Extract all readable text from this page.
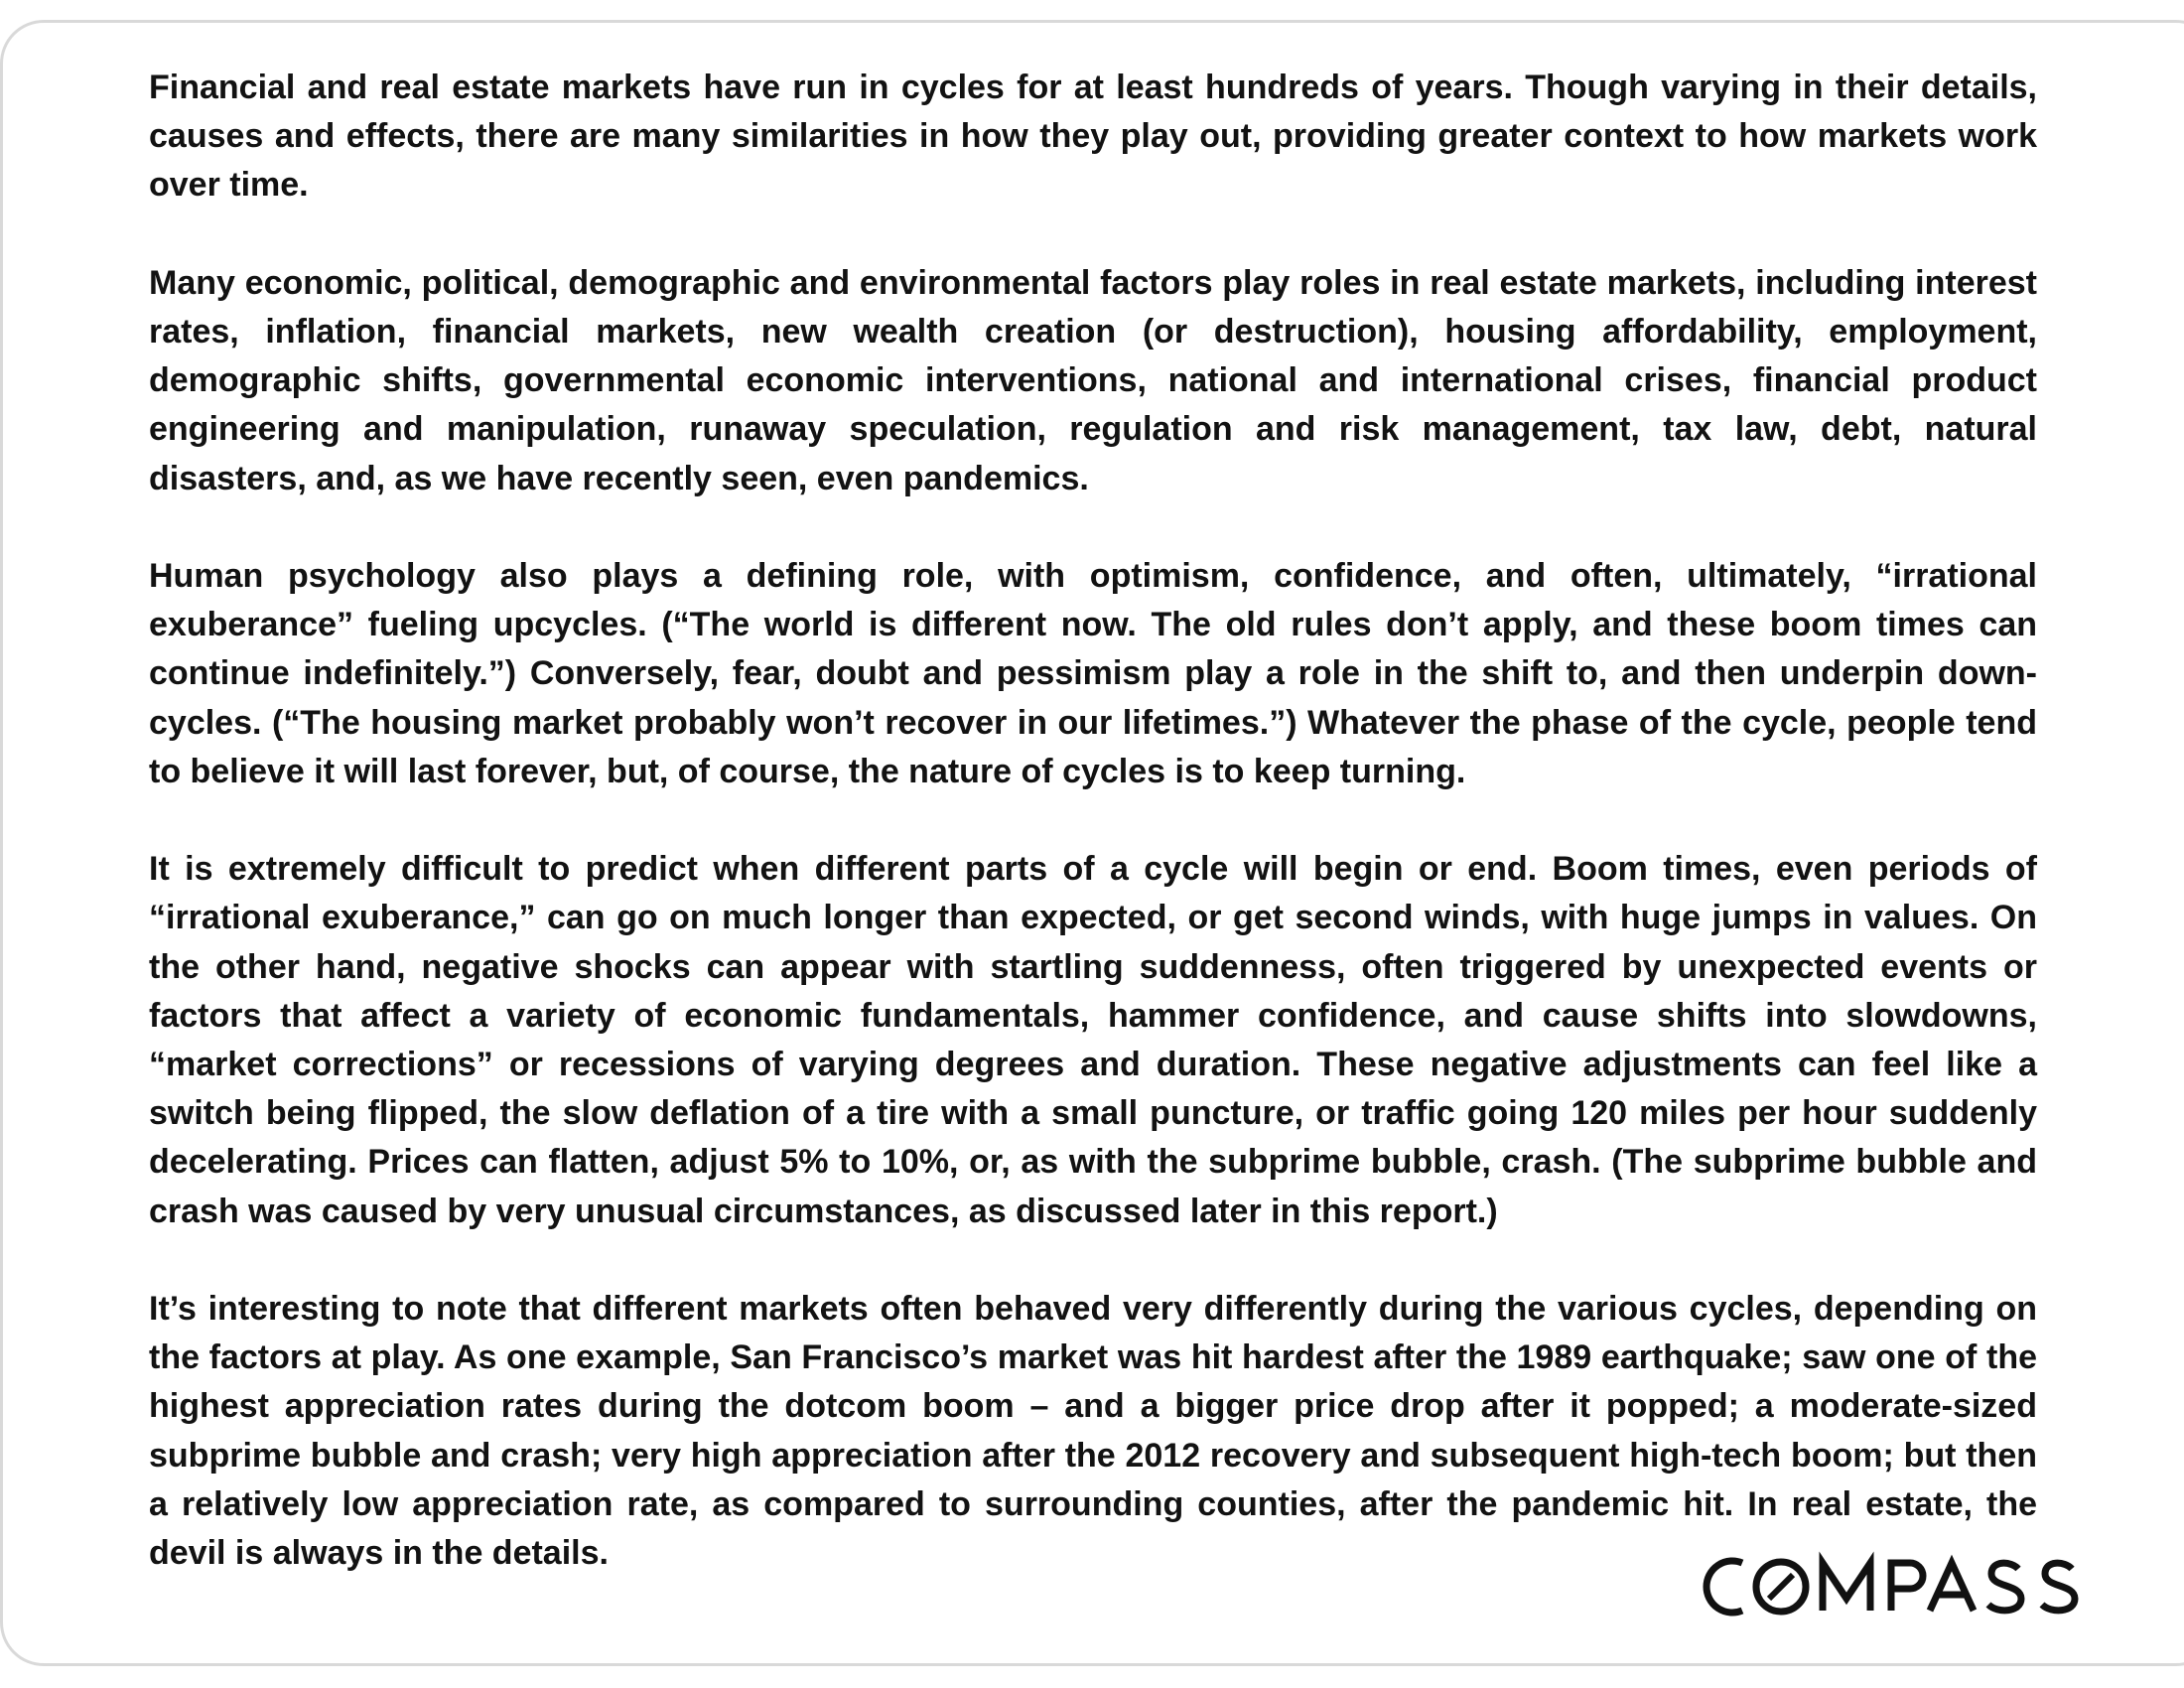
Financial and real estate markets have run in cycles for at least hundreds of years. Though varying in their details, causes and effects, there are many similarities in how they play out, providing greater context to how markets work over time.

Many economic, political, demographic and environmental factors play roles in real estate markets, including interest rates, inflation, financial markets, new wealth creation (or destruction), housing affordability, employment, demographic shifts, governmental economic interventions, national and international crises, financial product engineering and manipulation, runaway speculation, regulation and risk management, tax law, debt, natural disasters, and, as we have recently seen, even pandemics.

Human psychology also plays a defining role, with optimism, confidence, and often, ultimately, “irrational exuberance” fueling upcycles. (“The world is different now. The old rules don’t apply, and these boom times can continue indefinitely.”) Conversely, fear, doubt and pessimism play a role in the shift to, and then underpin down-cycles. (“The housing market probably won’t recover in our lifetimes.”) Whatever the phase of the cycle, people tend to believe it will last forever, but, of course, the nature of cycles is to keep turning.

It is extremely difficult to predict when different parts of a cycle will begin or end. Boom times, even periods of “irrational exuberance,” can go on much longer than expected, or get second winds, with huge jumps in values. On the other hand, negative shocks can appear with startling suddenness, often triggered by unexpected events or factors that affect a variety of economic fundamentals, hammer confidence, and cause shifts into slowdowns, “market corrections” or recessions of varying degrees and duration. These negative adjustments can feel like a switch being flipped, the slow deflation of a tire with a small puncture, or traffic going 120 miles per hour suddenly decelerating. Prices can flatten, adjust 5% to 10%, or, as with the subprime bubble, crash. (The subprime bubble and crash was caused by very unusual circumstances, as discussed later in this report.)

It’s interesting to note that different markets often behaved very differently during the various cycles, depending on the factors at play. As one example, San Francisco’s market was hit hardest after the 1989 earthquake; saw one of the highest appreciation rates during the dotcom boom – and a bigger price drop after it popped; a moderate-sized subprime bubble and crash; very high appreciation after the 2012 recovery and subsequent high-tech boom; but then a relatively low appreciation rate, as compared to surrounding counties, after the pandemic hit. In real estate, the devil is always in the details.
